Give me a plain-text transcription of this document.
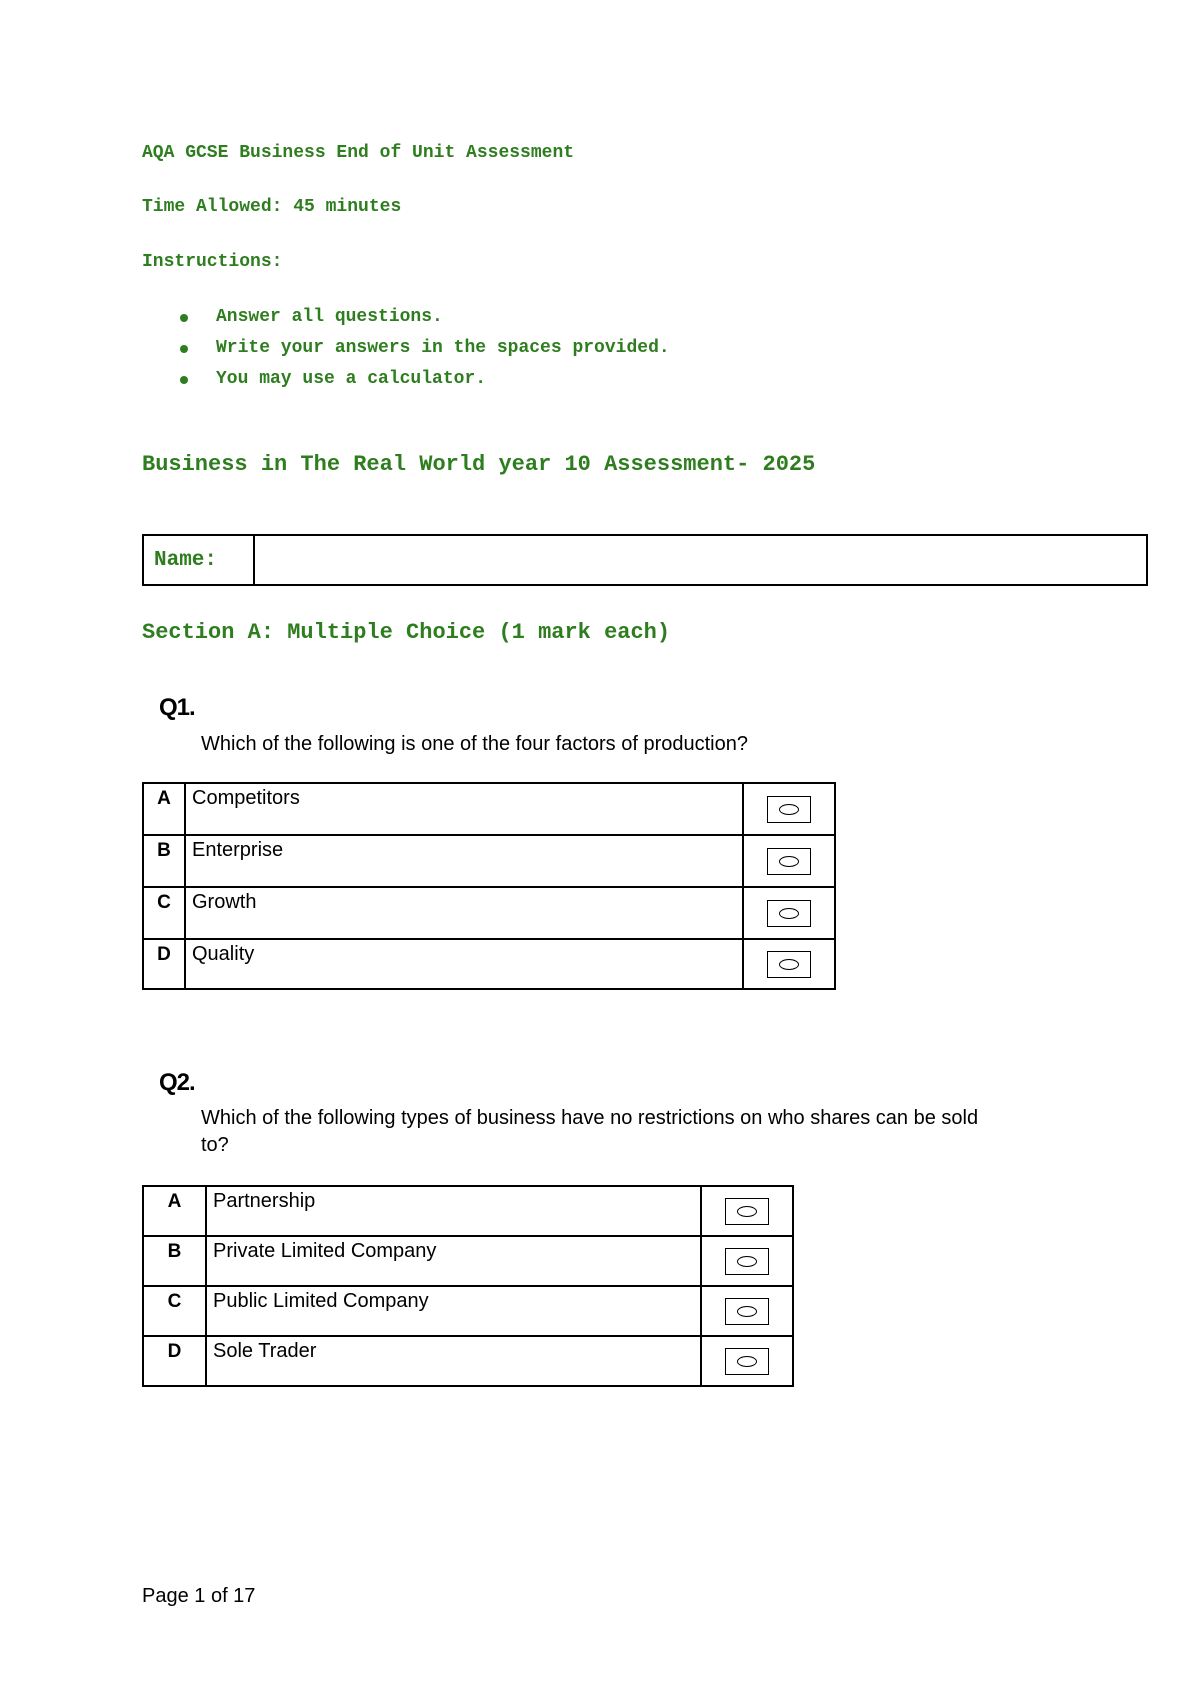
AQA GCSE Business End of Unit Assessment
Time Allowed: 45 minutes
Instructions:
Answer all questions.
Write your answers in the spaces provided.
You may use a calculator.
Business in The Real World year 10 Assessment- 2025
Name:
Section A: Multiple Choice (1 mark each)
Q1.
Which of the following is one of the four factors of production?
A	Competitors	

B	Enterprise	

C	Growth	

D	Quality	
Q2.
Which of the following types of business have no restrictions on who shares can be sold
to?
A	Partnership	

B	Private Limited Company	

C	Public Limited Company	

D	Sole Trader	
Page 1 of 17
